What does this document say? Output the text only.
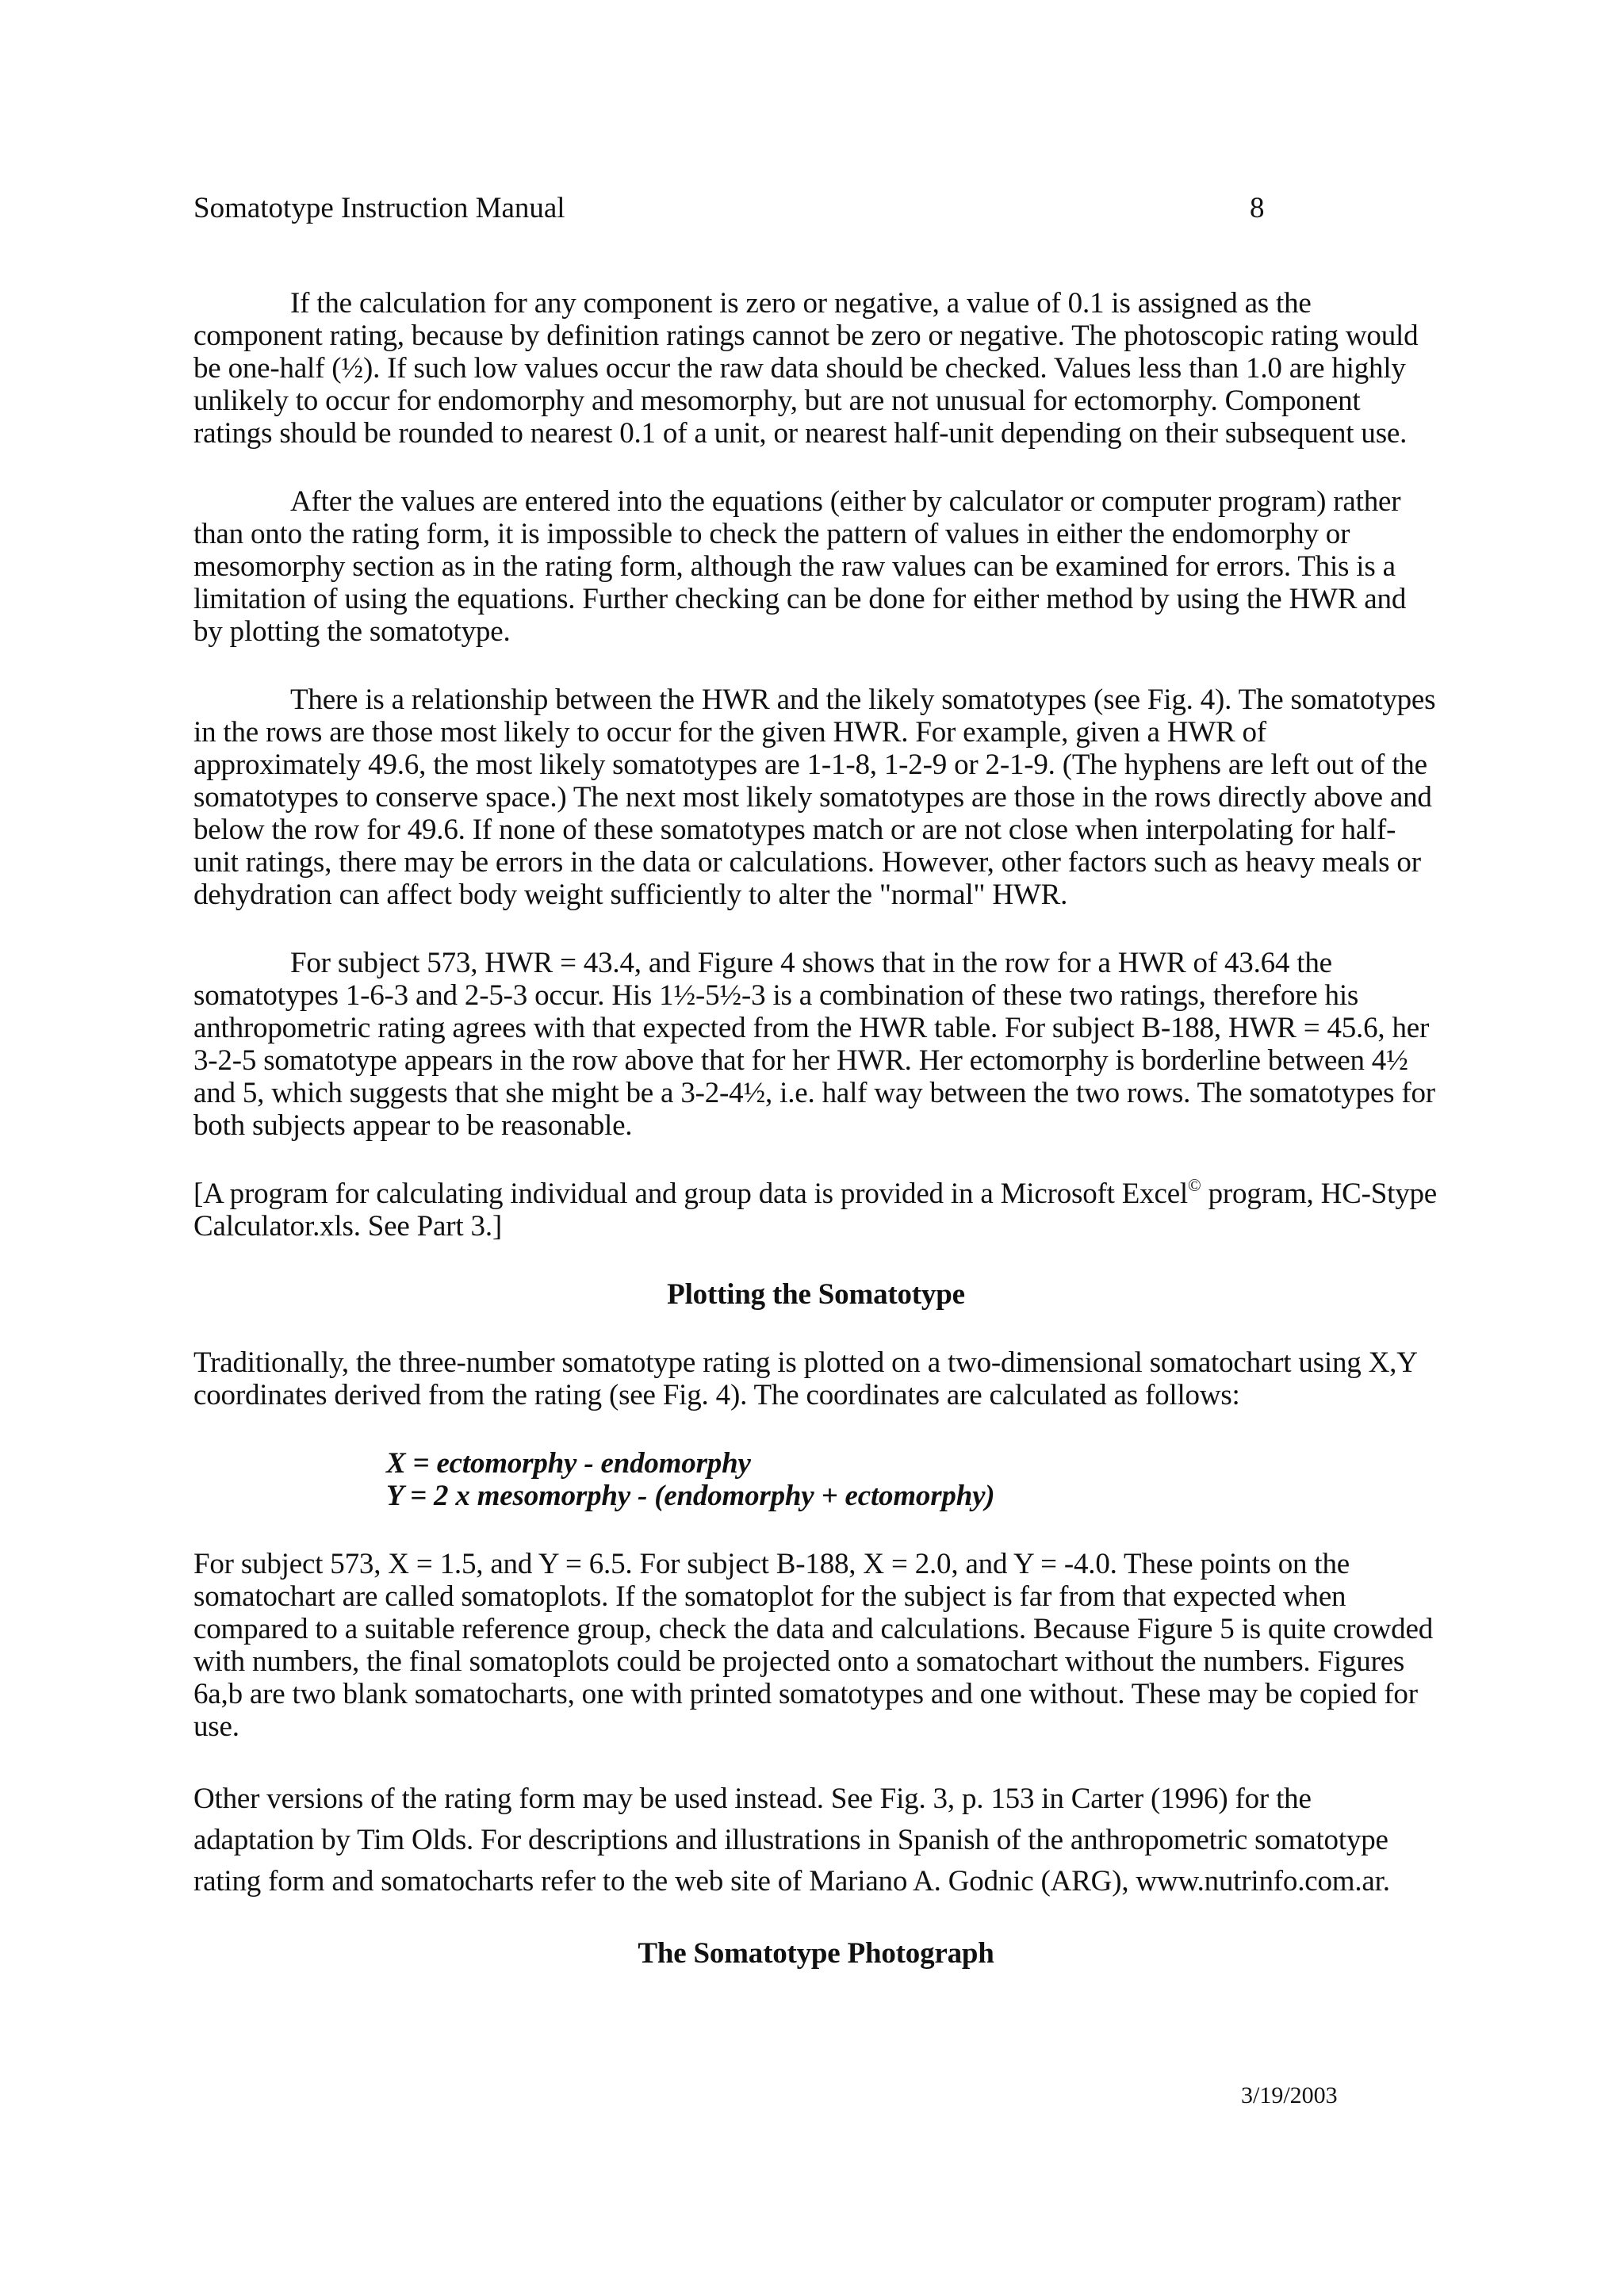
Somatotype Instruction Manual	8

If the calculation for any component is zero or negative, a value of 0.1 is assigned as the component rating, because by definition ratings cannot be zero or negative. The photoscopic rating would be one-half (½). If such low values occur the raw data should be checked. Values less than 1.0 are highly unlikely to occur for endomorphy and mesomorphy, but are not unusual for ectomorphy. Component ratings should be rounded to nearest 0.1 of a unit, or nearest half-unit depending on their subsequent use.

After the values are entered into the equations (either by calculator or computer program) rather than onto the rating form, it is impossible to check the pattern of values in either the endomorphy or mesomorphy section as in the rating form, although the raw values can be examined for errors. This is a limitation of using the equations. Further checking can be done for either method by using the HWR and by plotting the somatotype.

There is a relationship between the HWR and the likely somatotypes (see Fig. 4). The somatotypes in the rows are those most likely to occur for the given HWR. For example, given a HWR of approximately 49.6, the most likely somatotypes are 1-1-8, 1-2-9 or 2-1-9. (The hyphens are left out of the somatotypes to conserve space.) The next most likely somatotypes are those in the rows directly above and below the row for 49.6. If none of these somatotypes match or are not close when interpolating for half-unit ratings, there may be errors in the data or calculations. However, other factors such as heavy meals or dehydration can affect body weight sufficiently to alter the "normal" HWR.

For subject 573, HWR = 43.4, and Figure 4 shows that in the row for a HWR of 43.64 the somatotypes 1-6-3 and 2-5-3 occur. His 1½-5½-3 is a combination of these two ratings, therefore his anthropometric rating agrees with that expected from the HWR table. For subject B-188, HWR = 45.6, her 3-2-5 somatotype appears in the row above that for her HWR. Her ectomorphy is borderline between 4½ and 5, which suggests that she might be a 3-2-4½, i.e. half way between the two rows. The somatotypes for both subjects appear to be reasonable.

[A program for calculating individual and group data is provided in a Microsoft Excel© program, HC-Stype Calculator.xls. See Part 3.]

Plotting the Somatotype

Traditionally, the three-number somatotype rating is plotted on a two-dimensional somatochart using X,Y coordinates derived from the rating (see Fig. 4). The coordinates are calculated as follows:

X = ectomorphy - endomorphy

Y = 2 x mesomorphy - (endomorphy + ectomorphy)

For subject 573, X = 1.5, and Y = 6.5. For subject B-188, X = 2.0, and Y = -4.0. These points on the somatochart are called somatoplots. If the somatoplot for the subject is far from that expected when compared to a suitable reference group, check the data and calculations. Because Figure 5 is quite crowded with numbers, the final somatoplots could be projected onto a somatochart without the numbers. Figures 6a,b are two blank somatocharts, one with printed somatotypes and one without. These may be copied for use.

Other versions of the rating form may be used instead. See Fig. 3, p. 153 in Carter (1996) for the adaptation by Tim Olds. For descriptions and illustrations in Spanish of the anthropometric somatotype rating form and somatocharts refer to the web site of Mariano A. Godnic (ARG), www.nutrinfo.com.ar.

The Somatotype Photograph

3/19/2003
